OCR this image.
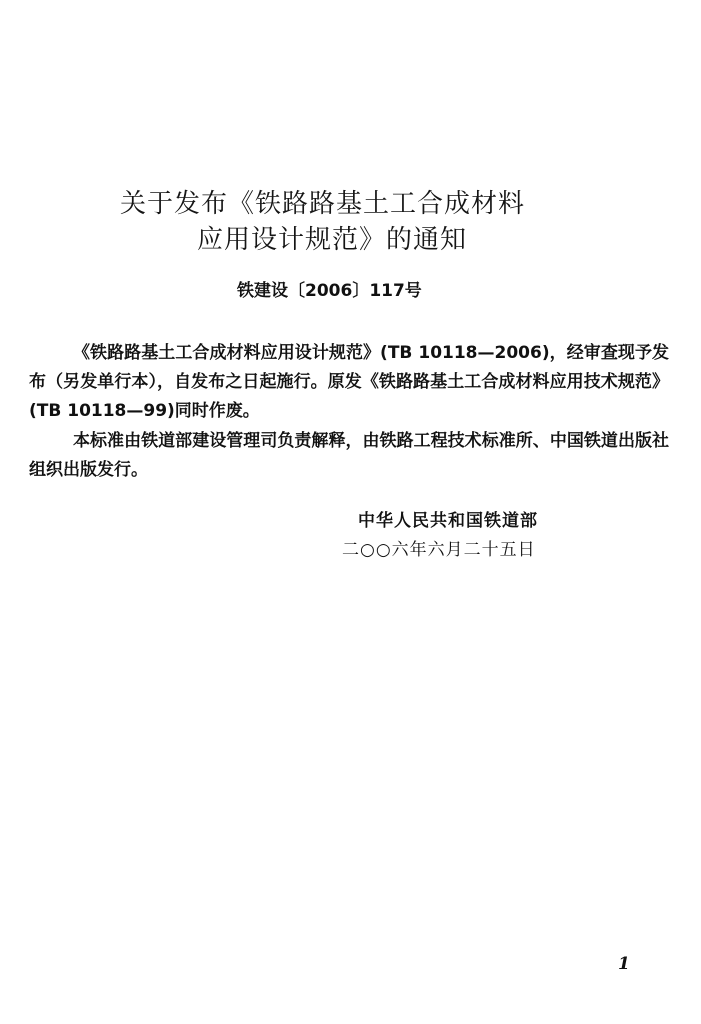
关于发布《铁路路基土工合成材料
应用设计规范》的通知
铁建设〔2006〕117号

《铁路路基土工合成材料应用设计规范》(TB 10118—2006)，经审查现予发布（另发单行本），自发布之日起施行。原发《铁路路基土工合成材料应用技术规范》(TB 10118—99)同时作废。

本标准由铁道部建设管理司负责解释，由铁路工程技术标准所、中国铁道出版社组织出版发行。

中华人民共和国铁道部
二○○六年六月二十五日
1
